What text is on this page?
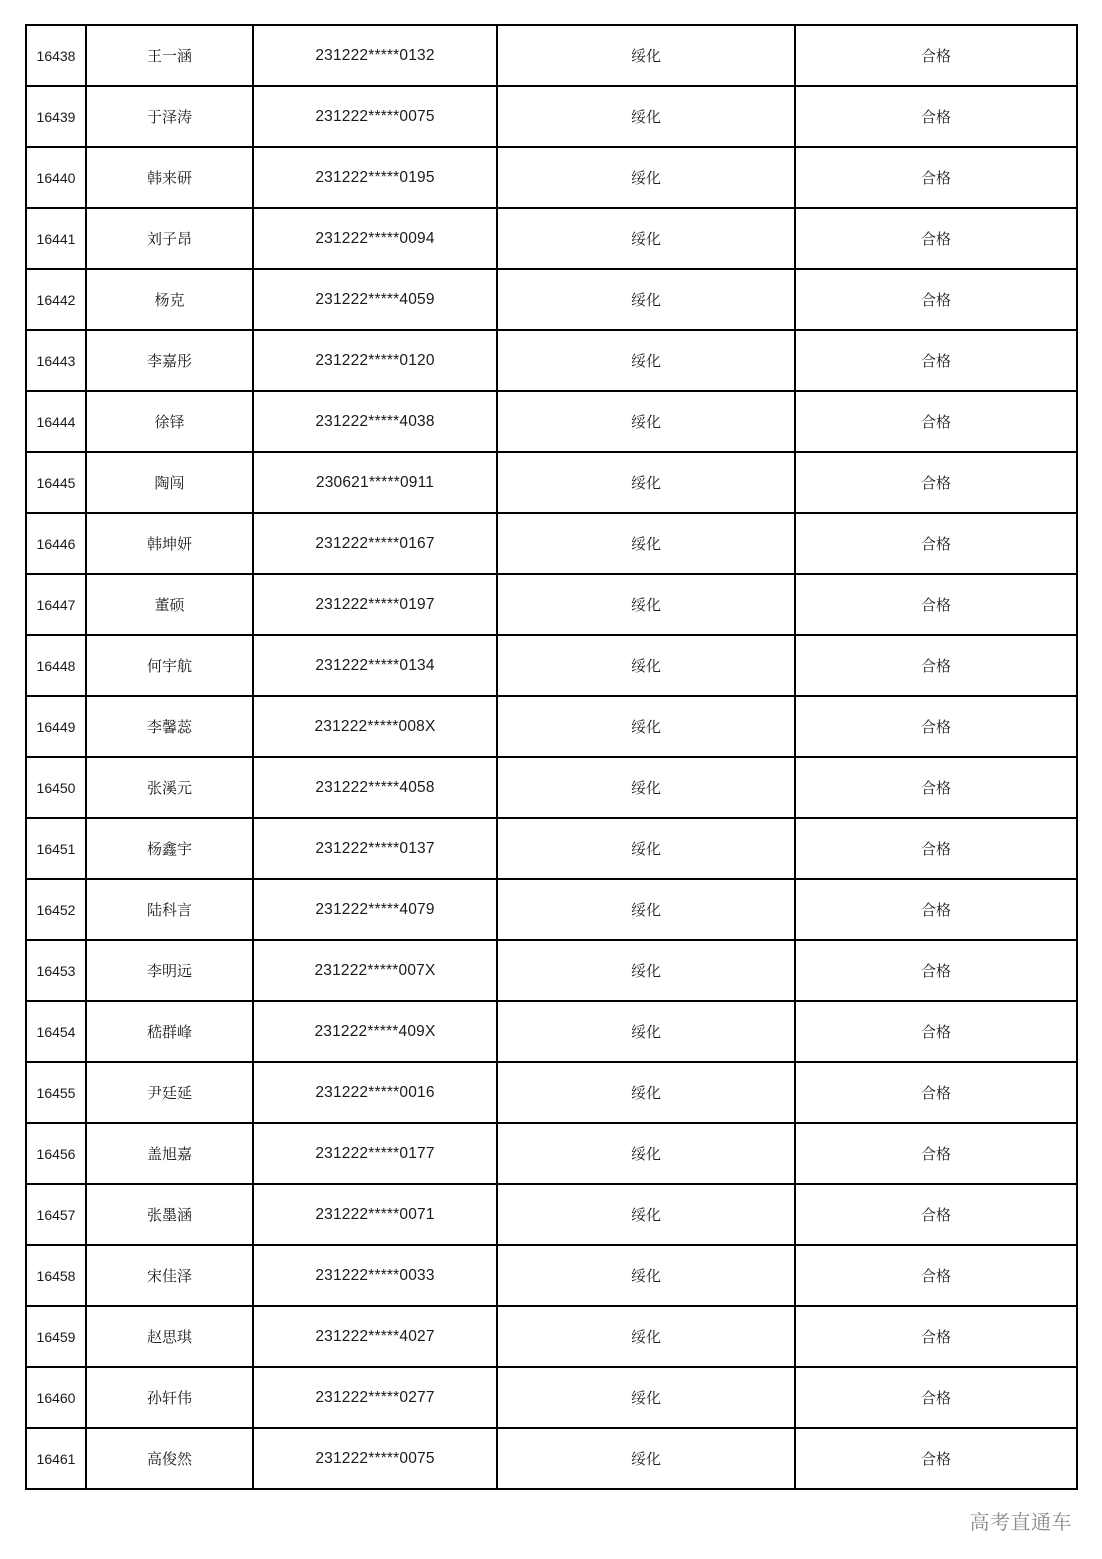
16438	王一涵	231222*****0132	绥化	合格
16439	于泽涛	231222*****0075	绥化	合格
16440	韩来研	231222*****0195	绥化	合格
16441	刘子昂	231222*****0094	绥化	合格
16442	杨克	231222*****4059	绥化	合格
16443	李嘉彤	231222*****0120	绥化	合格
16444	徐铎	231222*****4038	绥化	合格
16445	陶闯	230621*****0911	绥化	合格
16446	韩坤妍	231222*****0167	绥化	合格
16447	董硕	231222*****0197	绥化	合格
16448	何宇航	231222*****0134	绥化	合格
16449	李馨蕊	231222*****008X	绥化	合格
16450	张溪元	231222*****4058	绥化	合格
16451	杨鑫宇	231222*****0137	绥化	合格
16452	陆科言	231222*****4079	绥化	合格
16453	李明远	231222*****007X	绥化	合格
16454	嵇群峰	231222*****409X	绥化	合格
16455	尹廷延	231222*****0016	绥化	合格
16456	盖旭嘉	231222*****0177	绥化	合格
16457	张墨涵	231222*****0071	绥化	合格
16458	宋佳泽	231222*****0033	绥化	合格
16459	赵思琪	231222*****4027	绥化	合格
16460	孙轩伟	231222*****0277	绥化	合格
16461	高俊然	231222*****0075	绥化	合格
高考直通车
